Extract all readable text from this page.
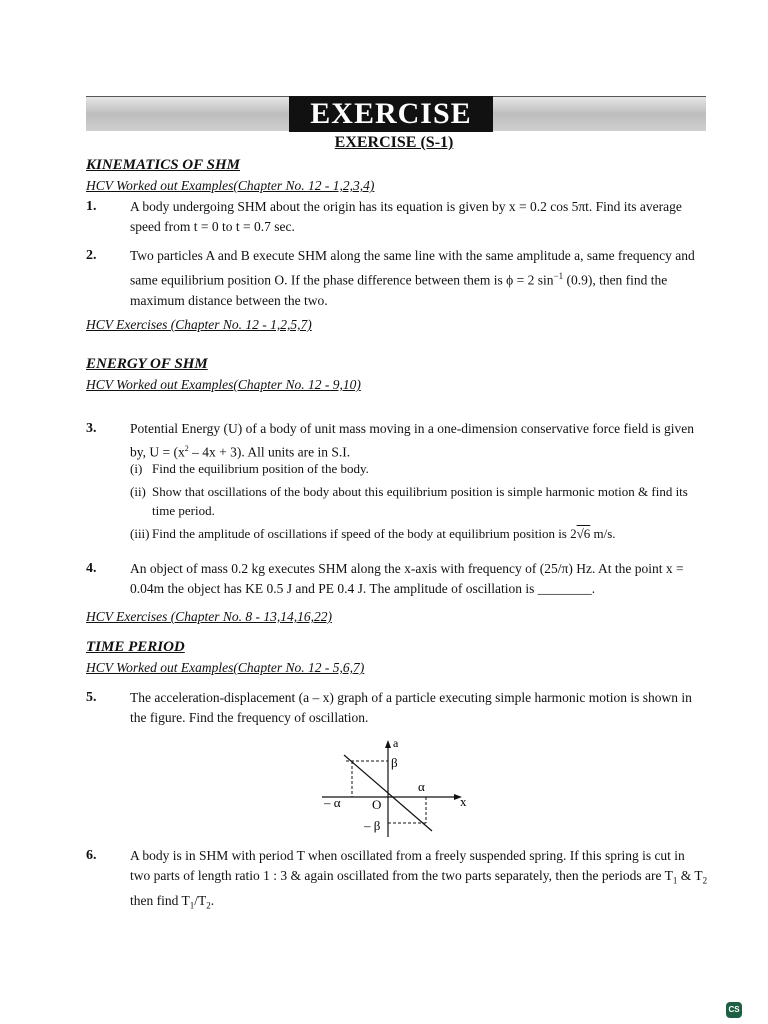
EXERCISE
EXERCISE (S-1)
KINEMATICS OF SHM
HCV Worked out Examples(Chapter No. 12 - 1,2,3,4)
1. A body undergoing SHM about the origin has its equation is given by x = 0.2 cos 5πt. Find its average speed from t = 0 to t = 0.7 sec.
2. Two particles A and B execute SHM along the same line with the same amplitude a, same frequency and same equilibrium position O. If the phase difference between them is ϕ = 2 $\sin^{-1} (0.9)$, then find the maximum distance between the two.
HCV Exercises (Chapter No. 12 - 1,2,5,7)
ENERGY OF SHM
HCV Worked out Examples(Chapter No. 12 - 9,10)
3. Potential Energy (U) of a body of unit mass moving in a one-dimension conservative force field is given by, $U = (x^2 - 4x + 3)$. All units are in S.I.
(i) Find the equilibrium position of the body.
(ii) Show that oscillations of the body about this equilibrium position is simple harmonic motion & find its time period.
(iii) Find the amplitude of oscillations if speed of the body at equilibrium position is 2√6 m/s.
4. An object of mass 0.2 kg executes SHM along the x-axis with frequency of (25/π) Hz. At the point x = 0.04m the object has KE 0.5 J and PE 0.4 J. The amplitude of oscillation is ________.
HCV Exercises (Chapter No. 8 - 13,14,16,22)
TIME PERIOD
HCV Worked out Examples(Chapter No. 12 - 5,6,7)
5. The acceleration-displacement (a – x) graph of a particle executing simple harmonic motion is shown in the figure. Find the frequency of oscillation.
a
x
β
α
– α O
– β
6. A body is in SHM with period T when oscillated from a freely suspended spring. If this spring is cut in two parts of length ratio 1 : 3 & again oscillated from the two parts separately, then the periods are $T_1$ & $T_2$ then find $T_1/T_2$.
CS
